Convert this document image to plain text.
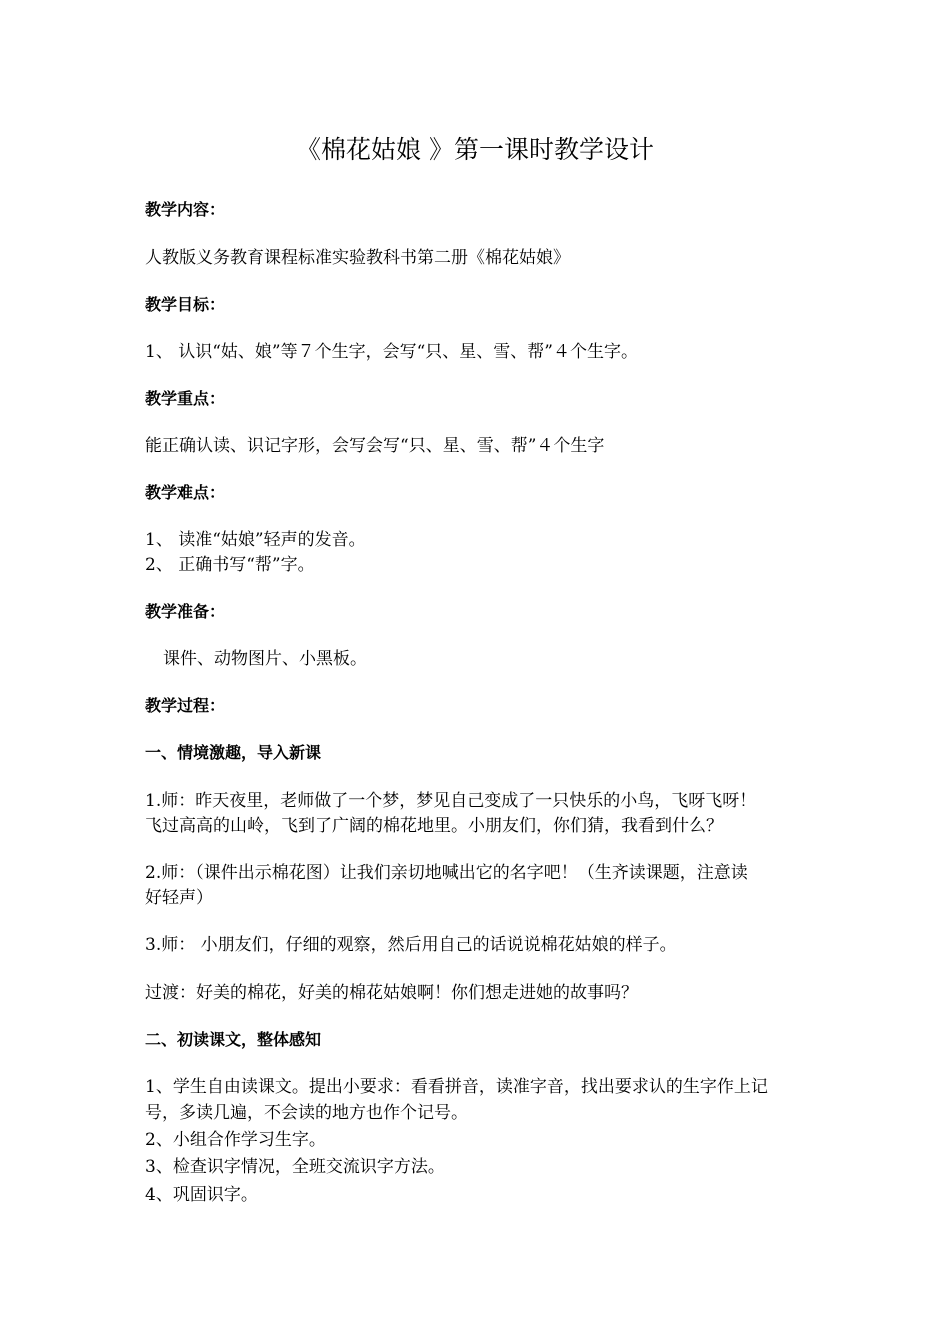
《棉花姑娘 》第一课时教学设计
教学内容：
人教版义务教育课程标准实验教科书第二册《棉花姑娘》
教学目标：
1、 认识“姑、娘”等７个生字，会写“只、星、雪、帮”４个生字。
教学重点：
能正确认读、识记字形，会写会写“只、星、雪、帮”４个生字
教学难点：
1、 读准“姑娘”轻声的发音。
2、 正确书写“帮”字。
教学准备：
课件、动物图片、小黑板。
教学过程：
一、情境激趣，导入新课
1.师：昨天夜里，老师做了一个梦，梦见自己变成了一只快乐的小鸟，飞呀飞呀！
飞过高高的山岭，飞到了广阔的棉花地里。小朋友们，你们猜，我看到什么？
2.师：（课件出示棉花图）让我们亲切地喊出它的名字吧！（生齐读课题，注意读
好轻声）
3.师： 小朋友们，仔细的观察，然后用自己的话说说棉花姑娘的样子。
过渡：好美的棉花，好美的棉花姑娘啊！你们想走进她的故事吗？
二、初读课文，整体感知
1、学生自由读课文。提出小要求：看看拼音，读准字音，找出要求认的生字作上记
号，多读几遍，不会读的地方也作个记号。
2、小组合作学习生字。
3、检查识字情况，全班交流识字方法。
4、巩固识字。
